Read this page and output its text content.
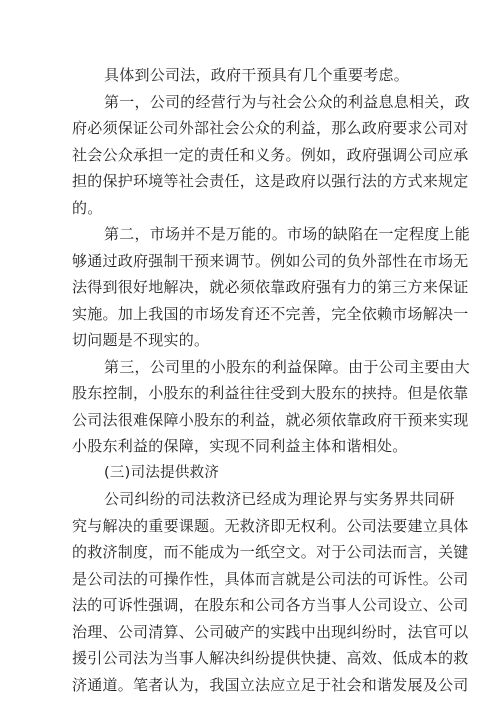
具体到公司法，政府干预具有几个重要考虑。
第一，公司的经营行为与社会公众的利益息息相关，政
府必须保证公司外部社会公众的利益，那么政府要求公司对
社会公众承担一定的责任和义务。例如，政府强调公司应承
担的保护环境等社会责任，这是政府以强行法的方式来规定
的。
第二，市场并不是万能的。市场的缺陷在一定程度上能
够通过政府强制干预来调节。例如公司的负外部性在市场无
法得到很好地解决，就必须依靠政府强有力的第三方来保证
实施。加上我国的市场发育还不完善，完全依赖市场解决一
切问题是不现实的。
第三，公司里的小股东的利益保障。由于公司主要由大
股东控制，小股东的利益往往受到大股东的挟持。但是依靠
公司法很难保障小股东的利益，就必须依靠政府干预来实现
小股东利益的保障，实现不同利益主体和谐相处。
(三)司法提供救济
公司纠纷的司法救济已经成为理论界与实务界共同研
究与解决的重要课题。无救济即无权利。公司法要建立具体
的救济制度，而不能成为一纸空文。对于公司法而言，关键
是公司法的可操作性，具体而言就是公司法的可诉性。公司
法的可诉性强调，在股东和公司各方当事人公司设立、公司
治理、公司清算、公司破产的实践中出现纠纷时，法官可以
援引公司法为当事人解决纠纷提供快捷、高效、低成本的救
济通道。笔者认为，我国立法应立足于社会和谐发展及公司
